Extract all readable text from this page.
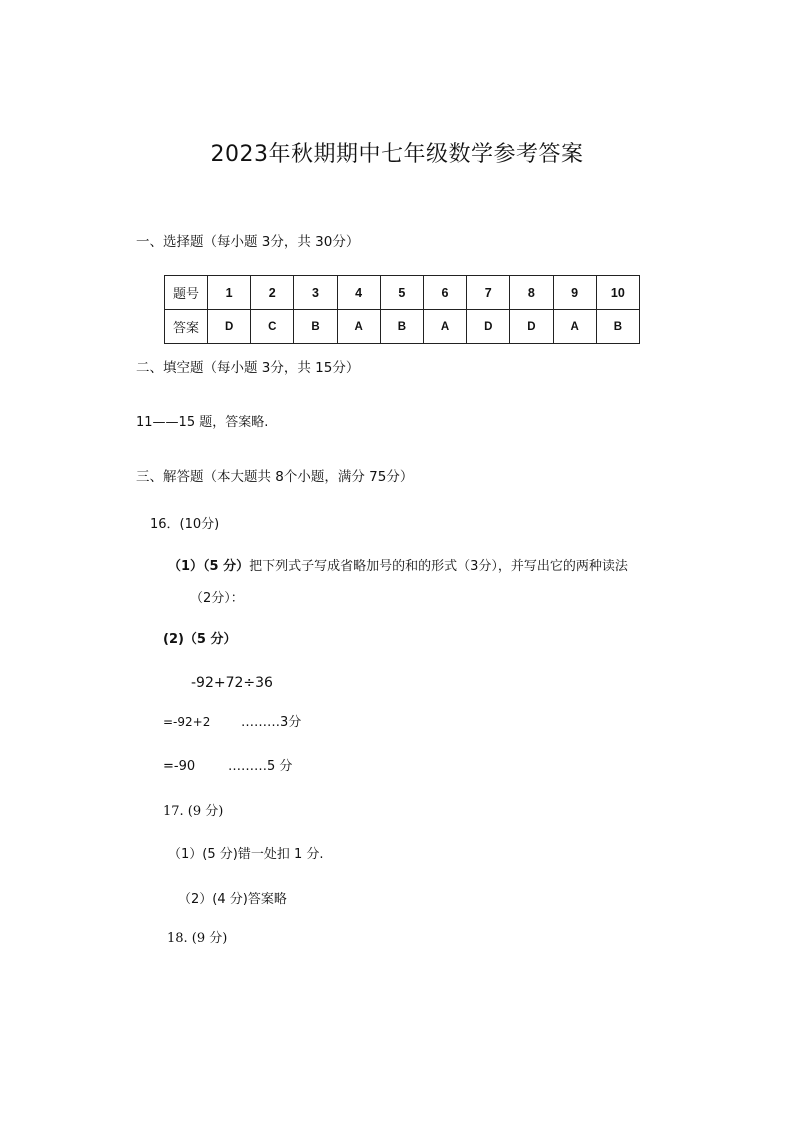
2023年秋期期中七年级数学参考答案
一、选择题（每小题 3分，共 30分）
题号	1	2	3	4	5	6	7	8	9	10
答案	D	C	B	A	B	A	D	D	A	B
二、填空题（每小题 3分，共 15分）
11——15 题，答案略.
三、解答题（本大题共 8个小题，满分 75分）
16．(10分)
（1）（5 分）把下列式子写成省略加号的和的形式（3分），并写出它的两种读法
（2分）：
(2)（5 分）
-92+72÷36
=-92+2 ………3分
=-90	………5 分
17. (9 分)
（1）(5 分)错一处扣 1 分.
（2）(4 分)答案略
18. (9 分)
